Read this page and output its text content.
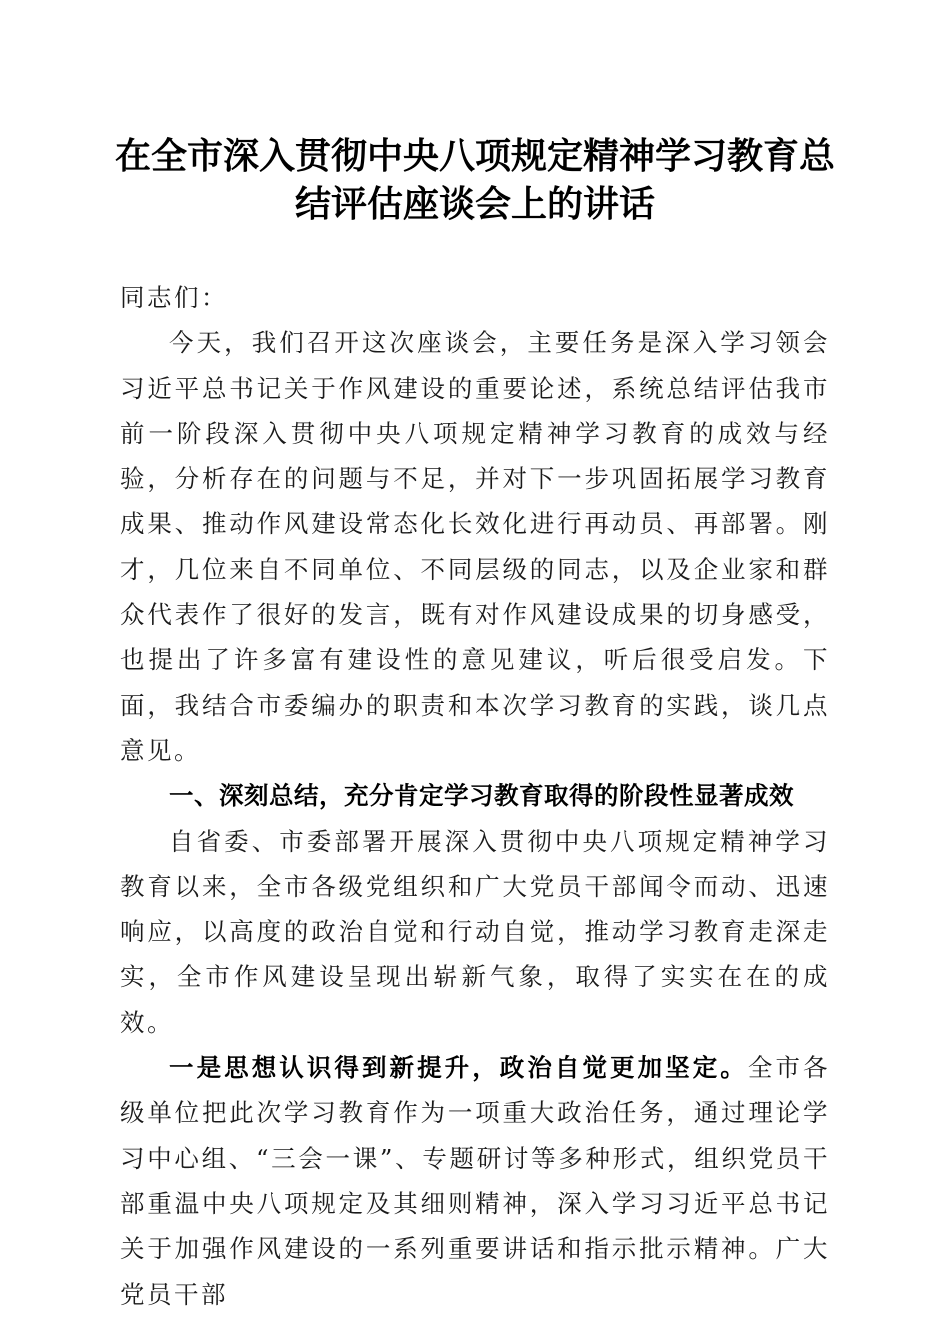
在全市深入贯彻中央八项规定精神学习教育总
结评估座谈会上的讲话

同志们：

今天，我们召开这次座谈会，主要任务是深入学习领会习近平总书记关于作风建设的重要论述，系统总结评估我市前一阶段深入贯彻中央八项规定精神学习教育的成效与经验，分析存在的问题与不足，并对下一步巩固拓展学习教育成果、推动作风建设常态化长效化进行再动员、再部署。刚才，几位来自不同单位、不同层级的同志，以及企业家和群众代表作了很好的发言，既有对作风建设成果的切身感受，也提出了许多富有建设性的意见建议，听后很受启发。下面，我结合市委编办的职责和本次学习教育的实践，谈几点意见。

一、深刻总结，充分肯定学习教育取得的阶段性显著成效

自省委、市委部署开展深入贯彻中央八项规定精神学习教育以来，全市各级党组织和广大党员干部闻令而动、迅速响应，以高度的政治自觉和行动自觉，推动学习教育走深走实，全市作风建设呈现出崭新气象，取得了实实在在的成效。

一是思想认识得到新提升，政治自觉更加坚定。全市各级单位把此次学习教育作为一项重大政治任务，通过理论学习中心组、“三会一课”、专题研讨等多种形式，组织党员干部重温中央八项规定及其细则精神，深入学习习近平总书记关于加强作风建设的一系列重要讲话和指示批示精神。广大党员干部
